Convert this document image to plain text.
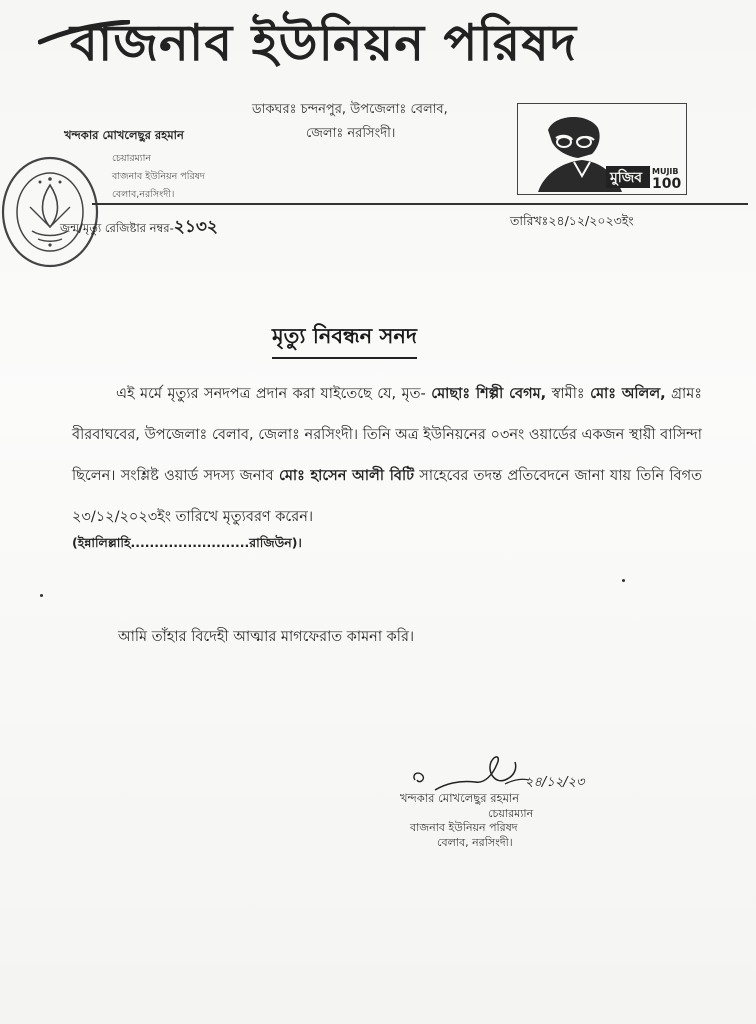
বাজনাব ইউনিয়ন পরিষদ
ডাকঘরঃ চন্দনপুর, উপজেলাঃ বেলাব,
জেলাঃ নরসিংদী।
খন্দকার মোখলেছুর রহমান
চেয়ারম্যান
বাজনাব ইউনিয়ন পরিষদ
বেলাব,নরসিংদী।
মুজিব MUJIB
100
জন্ম/মৃত্যু রেজিষ্টার নম্বর-২১৩২	তারিখঃ২৪/১২/২০২৩ইং
মৃত্যু নিবন্ধন সনদ
এই মর্মে মৃত্যুর সনদপত্র প্রদান করা যাইতেছে যে, মৃত- মোছাঃ শিল্পী বেগম, স্বামীঃ মোঃ অলিল, গ্রামঃ বীরবাঘবের, উপজেলাঃ বেলাব, জেলাঃ নরসিংদী। তিনি অত্র ইউনিয়নের ০৩নং ওয়ার্ডের একজন স্থায়ী বাসিন্দা ছিলেন। সংশ্লিষ্ট ওয়ার্ড সদস্য জনাব মোঃ হাসেন আলী বিটি সাহেবের তদন্ত প্রতিবেদনে জানা যায় তিনি বিগত ২৩/১২/২০২৩ইং তারিখে মৃত্যুবরণ করেন।
(ইন্নালিল্লাহি.........................রাজিউন)।
আমি তাঁহার বিদেহী আত্মার মাগফেরাত কামনা করি।
২৪/১২/২৩
খন্দকার মোখলেছুর রহমান
চেয়ারম্যান
বাজনাব ইউনিয়ন পরিষদ
বেলাব, নরসিংদী।
